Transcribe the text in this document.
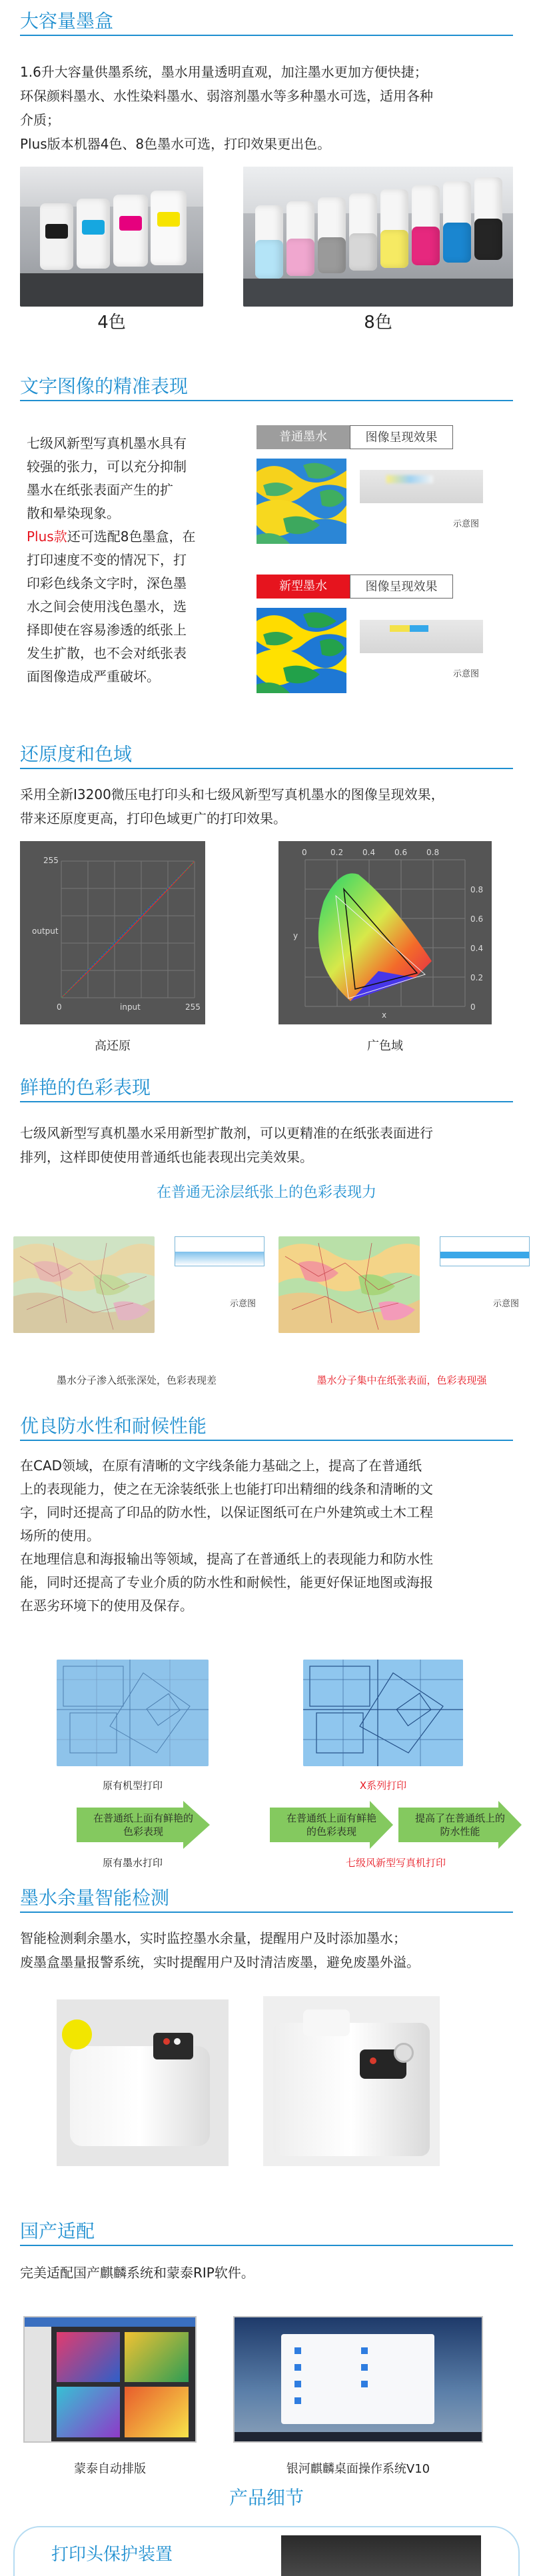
大容量墨盒
1.6升大容量供墨系统，墨水用量透明直观，加注墨水更加方便快捷；
环保颜料墨水、水性染料墨水、弱溶剂墨水等多种墨水可选，适用各种
介质；
Plus版本机器4色、8色墨水可选，打印效果更出色。
4色	8色
文字图像的精准表现
七级风新型写真机墨水具有
较强的张力，可以充分抑制
墨水在纸张表面产生的扩
散和晕染现象。
Plus款还可选配8色墨盒，在
打印速度不变的情况下，打
印彩色线条文字时，深色墨
水之间会使用浅色墨水，选
择即使在容易渗透的纸张上
发生扩散，也不会对纸张表
面图像造成严重破坏。
普通墨水	图像呈现效果
示意图
新型墨水	图像呈现效果
示意图
还原度和色域
采用全新I3200微压电打印头和七级风新型写真机墨水的图像呈现效果，
带来还原度更高，打印色域更广的打印效果。
255
output
0	input	255
高还原
0	0.2 0.4 0.6 0.8
0.8
0.6
0.4
0.2
0
y
x
广色域
鲜艳的色彩表现
七级风新型写真机墨水采用新型扩散剂，可以更精准的在纸张表面进行
排列，这样即使使用普通纸也能表现出完美效果。
在普通无涂层纸张上的色彩表现力
示意图	示意图
墨水分子渗入纸张深处，色彩表现差	墨水分子集中在纸张表面，色彩表现强
优良防水性和耐候性能
在CAD领域，在原有清晰的文字线条能力基础之上，提高了在普通纸
上的表现能力，使之在无涂装纸张上也能打印出精细的线条和清晰的文
字，同时还提高了印品的防水性，以保证图纸可在户外建筑或土木工程
场所的使用。
在地理信息和海报输出等领域，提高了在普通纸上的表现能力和防水性
能，同时还提高了专业介质的防水性和耐候性，能更好保证地图或海报
在恶劣环境下的使用及保存。
原有机型打印	X系列打印
在普通纸上面有鲜艳的色彩表现
在普通纸上面有鲜艳的色彩表现
提高了在普通纸上的防水性能
原有墨水打印	七级风新型写真机打印
墨水余量智能检测
智能检测剩余墨水，实时监控墨水余量，提醒用户及时添加墨水；
废墨盒墨量报警系统，实时提醒用户及时清洁废墨，避免废墨外溢。
国产适配
完美适配国产麒麟系统和蒙泰RIP软件。
蒙泰自动排版	银河麒麟桌面操作系统V10
产品细节
打印头保护装置
